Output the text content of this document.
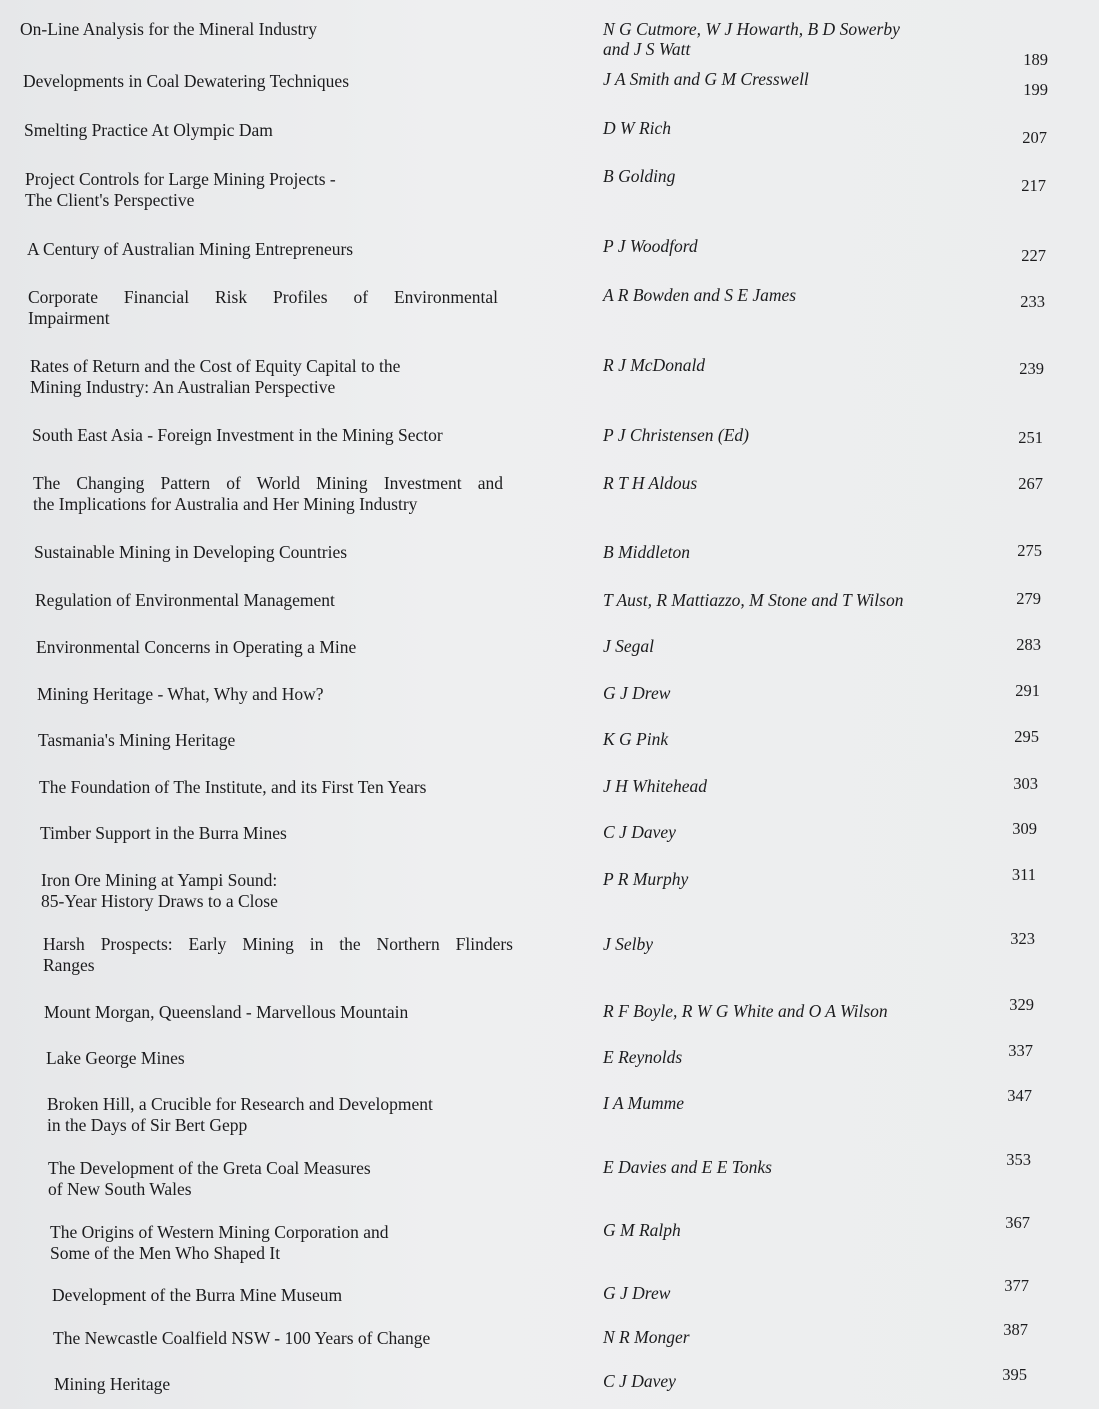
On-Line Analysis for the Mineral Industry	N G Cutmore, W J Howarth, B D Sowerby
and J S Watt
189
Developments in Coal Dewatering Techniques	J A Smith and G M Cresswell
199
Smelting Practice At Olympic Dam	D W Rich	207
Project Controls for Large Mining Projects -
The Client's Perspective
B Golding	217
A Century of Australian Mining Entrepreneurs	P J Woodford	227
Corporate Financial Risk Profiles of Environmental
Impairment
A R Bowden and S E James	233
Rates of Return and the Cost of Equity Capital to the
Mining Industry: An Australian Perspective
R J McDonald	239
South East Asia - Foreign Investment in the Mining Sector	P J Christensen (Ed)	251
The Changing Pattern of World Mining Investment and
the Implications for Australia and Her Mining Industry
R T H Aldous	267
Sustainable Mining in Developing Countries	B Middleton	275
Regulation of Environmental Management	T Aust, R Mattiazzo, M Stone and T Wilson	279
Environmental Concerns in Operating a Mine	J Segal	283
Mining Heritage - What, Why and How?	G J Drew	291
Tasmania's Mining Heritage	K G Pink	295
The Foundation of The Institute, and its First Ten Years	J H Whitehead	303
Timber Support in the Burra Mines	C J Davey	309
Iron Ore Mining at Yampi Sound:
85-Year History Draws to a Close
P R Murphy	311
Harsh Prospects: Early Mining in the Northern Flinders
Ranges
J Selby	323
Mount Morgan, Queensland - Marvellous Mountain	R F Boyle, R W G White and O A Wilson	329
Lake George Mines	E Reynolds	337
Broken Hill, a Crucible for Research and Development
in the Days of Sir Bert Gepp
I A Mumme	347
The Development of the Greta Coal Measures
of New South Wales
E Davies and E E Tonks	353
The Origins of Western Mining Corporation and
Some of the Men Who Shaped It
G M Ralph	367
Development of the Burra Mine Museum	G J Drew	377
The Newcastle Coalfield NSW - 100 Years of Change	N R Monger	387
Mining Heritage	C J Davey	395
